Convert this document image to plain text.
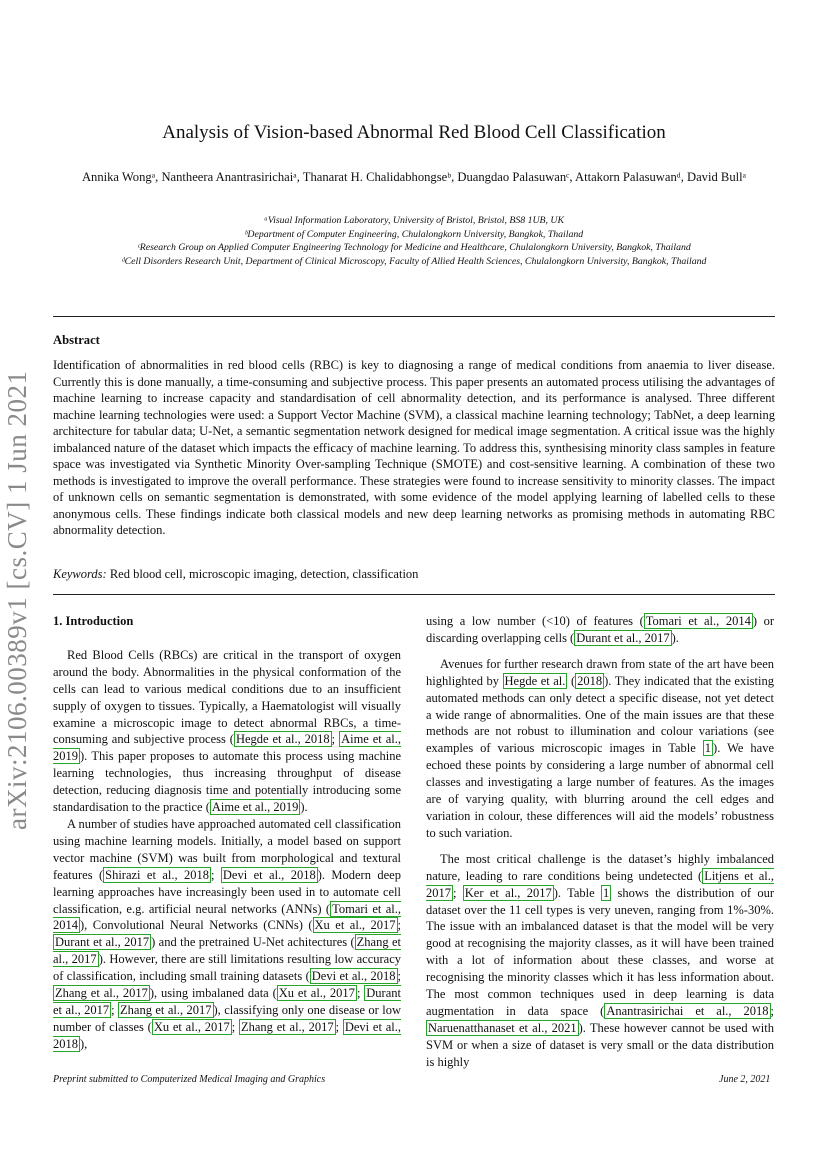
arXiv:2106.00389v1 [cs.CV] 1 Jun 2021
Analysis of Vision-based Abnormal Red Blood Cell Classification
Annika Wongᵃ, Nantheera Anantrasirichaiᵃ, Thanarat H. Chalidabhongseᵇ, Duangdao Palasuwanᶜ, Attakorn Palasuwanᵈ, David Bullᵃ
ᵃVisual Information Laboratory, University of Bristol, Bristol, BS8 1UB, UK
ᵇDepartment of Computer Engineering, Chulalongkorn University, Bangkok, Thailand
ᶜResearch Group on Applied Computer Engineering Technology for Medicine and Healthcare, Chulalongkorn University, Bangkok, Thailand
ᵈCell Disorders Research Unit, Department of Clinical Microscopy, Faculty of Allied Health Sciences, Chulalongkorn University, Bangkok, Thailand
Abstract
Identification of abnormalities in red blood cells (RBC) is key to diagnosing a range of medical conditions from anaemia to liver disease. Currently this is done manually, a time-consuming and subjective process. This paper presents an automated process utilising the advantages of machine learning to increase capacity and standardisation of cell abnormality detection, and its performance is analysed. Three different machine learning technologies were used: a Support Vector Machine (SVM), a classical machine learning technology; TabNet, a deep learning architecture for tabular data; U-Net, a semantic segmentation network designed for medical image segmentation. A critical issue was the highly imbalanced nature of the dataset which impacts the efficacy of machine learning. To address this, synthesising minority class samples in feature space was investigated via Synthetic Minority Over-sampling Technique (SMOTE) and cost-sensitive learning. A combination of these two methods is investigated to improve the overall performance. These strategies were found to increase sensitivity to minority classes. The impact of unknown cells on semantic segmentation is demonstrated, with some evidence of the model applying learning of labelled cells to these anonymous cells. These findings indicate both classical models and new deep learning networks as promising methods in automating RBC abnormality detection.
Keywords: Red blood cell, microscopic imaging, detection, classification

1. Introduction

Red Blood Cells (RBCs) are critical in the transport of oxygen around the body. Abnormalities in the physical conformation of the cells can lead to various medical conditions due to an insufficient supply of oxygen to tissues. Typically, a Haematologist will visually examine a microscopic image to detect abnormal RBCs, a time-consuming and subjective process ( Hegde et al., 2018 ; Aime et al., 2019 ). This paper proposes to automate this process using machine learning technologies, thus increasing throughput of disease detection, reducing diagnosis time and potentially introducing some standardisation to the practice ( Aime et al., 2019 ).

A number of studies have approached automated cell classification using machine learning models. Initially, a model based on support vector machine (SVM) was built from morphological and textural features ( Shirazi et al., 2018 ; Devi et al., 2018 ). Modern deep learning approaches have increasingly been used in to automate cell classification, e.g. artificial neural networks (ANNs) ( Tomari et al., 2014 ), Convolutional Neural Networks (CNNs) ( Xu et al., 2017 ; Durant et al., 2017 ) and the pretrained U-Net achitectures ( Zhang et al., 2017 ). However, there are still limitations resulting low accuracy of classification, including small training datasets ( Devi et al., 2018 ; Zhang et al., 2017 ), using imbalaned data ( Xu et al., 2017 ; Durant et al., 2017 ; Zhang et al., 2017 ), classifying only one disease or low number of classes ( Xu et al., 2017 ; Zhang et al., 2017 ; Devi et al., 2018 ),

using a low number (<10) of features ( Tomari et al., 2014 ) or discarding overlapping cells ( Durant et al., 2017 ).

Avenues for further research drawn from state of the art have been highlighted by Hegde et al. ( 2018 ). They indicated that the existing automated methods can only detect a specific disease, not yet detect a wide range of abnormalities. One of the main issues are that these methods are not robust to illumination and colour variations (see examples of various microscopic images in Table 1 ). We have echoed these points by considering a large number of abnormal cell classes and investigating a large number of features. As the images are of varying quality, with blurring around the cell edges and variation in colour, these differences will aid the models’ robustness to such variation.

The most critical challenge is the dataset’s highly imbalanced nature, leading to rare conditions being undetected ( Litjens et al., 2017 ; Ker et al., 2017 ). Table 1 shows the distribution of our dataset over the 11 cell types is very uneven, ranging from 1%-30%. The issue with an imbalanced dataset is that the model will be very good at recognising the majority classes, as it will have been trained with a lot of information about these classes, and worse at recognising the minority classes which it has less information about. The most common techniques used in deep learning is data augmentation in data space ( Anantrasirichai et al., 2018 ; Naruenatthanaset et al., 2021 ). These however cannot be used with SVM or when a size of dataset is very small or the data distribution is highly

Preprint submitted to Computerized Medical Imaging and Graphics	June 2, 2021
